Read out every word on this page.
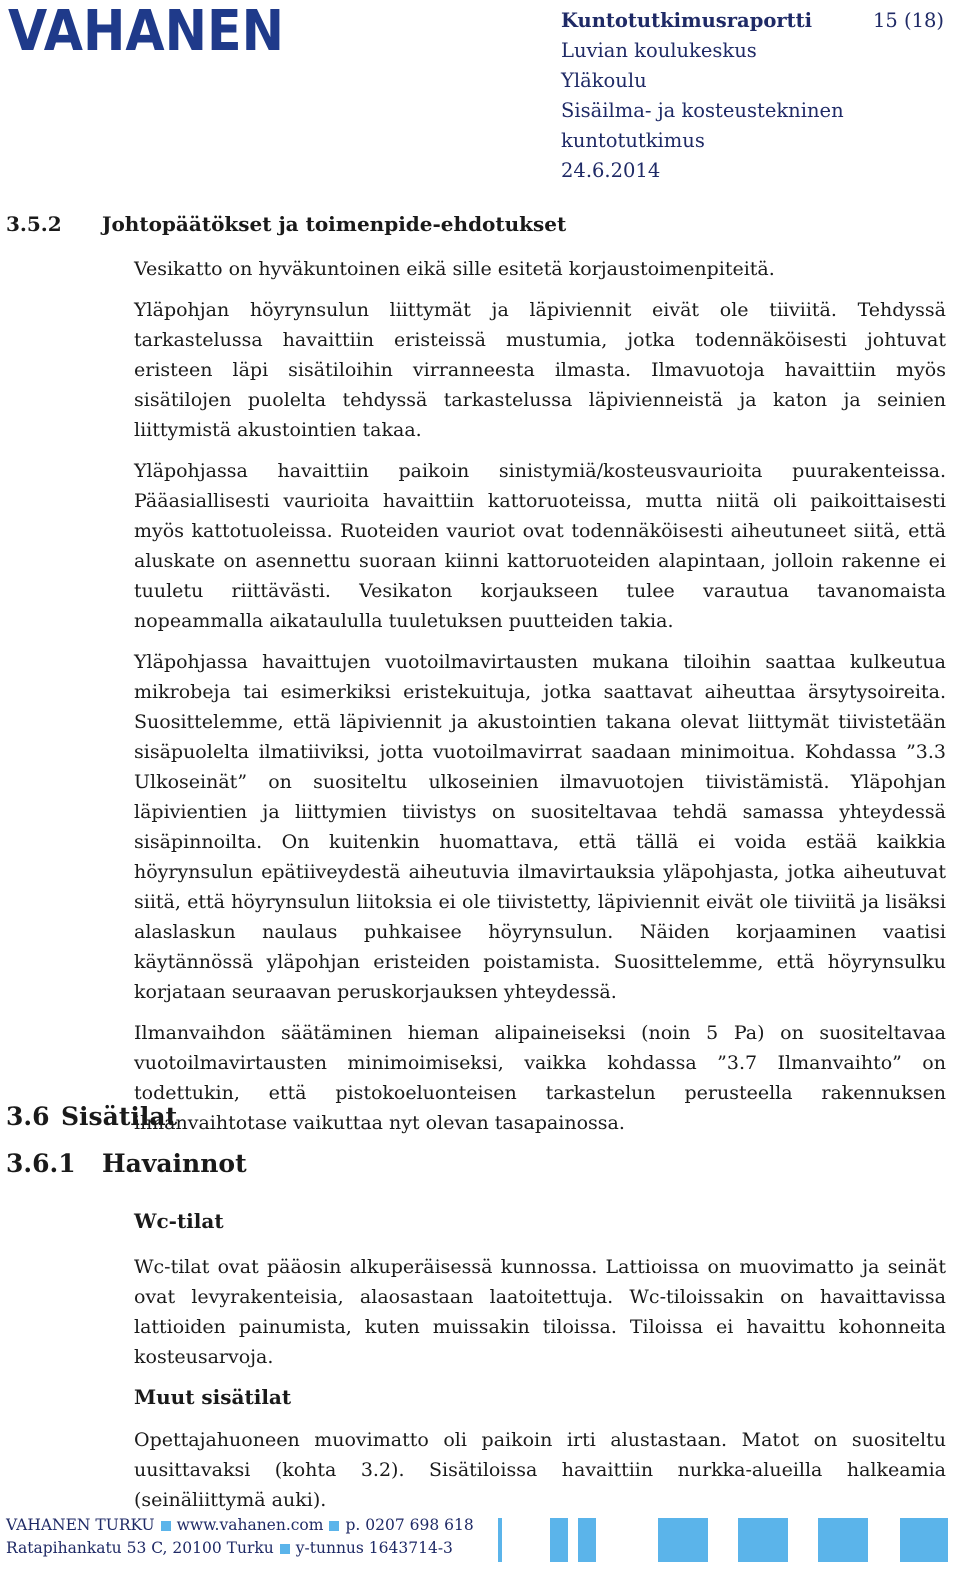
VAHANEN	Kuntotutkimusraportti
Luvian koulukeskus
Yläkoulu
Sisäilma- ja kosteustekninen
kuntotutkimus
24.6.2014
15 (18)
3.5.2 Johtopäätökset ja toimenpide-ehdotukset

Vesikatto on hyväkuntoinen eikä sille esitetä korjaustoimenpiteitä.

Yläpohjan höyrynsulun liittymät ja läpiviennit eivät ole tiiviitä. Tehdyssä tarkastelussa havaittiin eristeissä mustumia, jotka todennäköisesti johtuvat eristeen läpi sisätiloihin virranneesta ilmasta. Ilmavuotoja havaittiin myös sisätilojen puolelta tehdyssä tarkastelussa läpivienneistä ja katon ja seinien liittymistä akustointien takaa.

Yläpohjassa havaittiin paikoin sinistymiä/kosteusvaurioita puurakenteissa. Pääasiallisesti vaurioita havaittiin kattoruoteissa, mutta niitä oli paikoittaisesti myös kattotuoleissa. Ruoteiden vauriot ovat todennäköisesti aiheutuneet siitä, että aluskate on asennettu suoraan kiinni kattoruoteiden alapintaan, jolloin rakenne ei tuuletu riittävästi. Vesikaton korjaukseen tulee varautua tavanomaista nopeammalla aikataululla tuuletuksen puutteiden takia.

Yläpohjassa havaittujen vuotoilmavirtausten mukana tiloihin saattaa kulkeutua mikrobeja tai esimerkiksi eristekuituja, jotka saattavat aiheuttaa ärsytysoireita. Suosittelemme, että läpiviennit ja akustointien takana olevat liittymät tiivistetään sisäpuolelta ilmatiiviksi, jotta vuotoilmavirrat saadaan minimoitua. Kohdassa ”3.3 Ulkoseinät” on suositeltu ulkoseinien ilmavuotojen tiivistämistä. Yläpohjan läpivientien ja liittymien tiivistys on suositeltavaa tehdä samassa yhteydessä sisäpinnoilta. On kuitenkin huomattava, että tällä ei voida estää kaikkia höyrynsulun epätiiveydestä aiheutuvia ilmavirtauksia yläpohjasta, jotka aiheutuvat siitä, että höyrynsulun liitoksia ei ole tiivistetty, läpiviennit eivät ole tiiviitä ja lisäksi alaslaskun naulaus puhkaisee höyrynsulun. Näiden korjaaminen vaatisi käytännössä yläpohjan eristeiden poistamista. Suosittelemme, että höyrynsulku korjataan seuraavan peruskorjauksen yhteydessä.

Ilmanvaihdon säätäminen hieman alipaineiseksi (noin 5 Pa) on suositeltavaa vuotoilmavirtausten minimoimiseksi, vaikka kohdassa ”3.7 Ilmanvaihto” on todettukin, että pistokoeluonteisen tarkastelun perusteella rakennuksen ilmanvaihtotase vaikuttaa nyt olevan tasapainossa.

3.6 Sisätilat
3.6.1 Havainnot
Wc-tilat

Wc-tilat ovat pääosin alkuperäisessä kunnossa. Lattioissa on muovimatto ja seinät ovat levyrakenteisia, alaosastaan laatoitettuja. Wc-tiloissakin on havaittavissa lattioiden painumista, kuten muissakin tiloissa. Tiloissa ei havaittu kohonneita kosteusarvoja.

Muut sisätilat

Opettajahuoneen muovimatto oli paikoin irti alustastaan. Matot on suositeltu uusittavaksi (kohta 3.2). Sisätiloissa havaittiin nurkka-alueilla halkeamia (seinäliittymä auki).

VAHANEN TURKU www.vahanen.com p. 0207 698 618
Ratapihankatu 53 C, 20100 Turku y-tunnus 1643714-3
